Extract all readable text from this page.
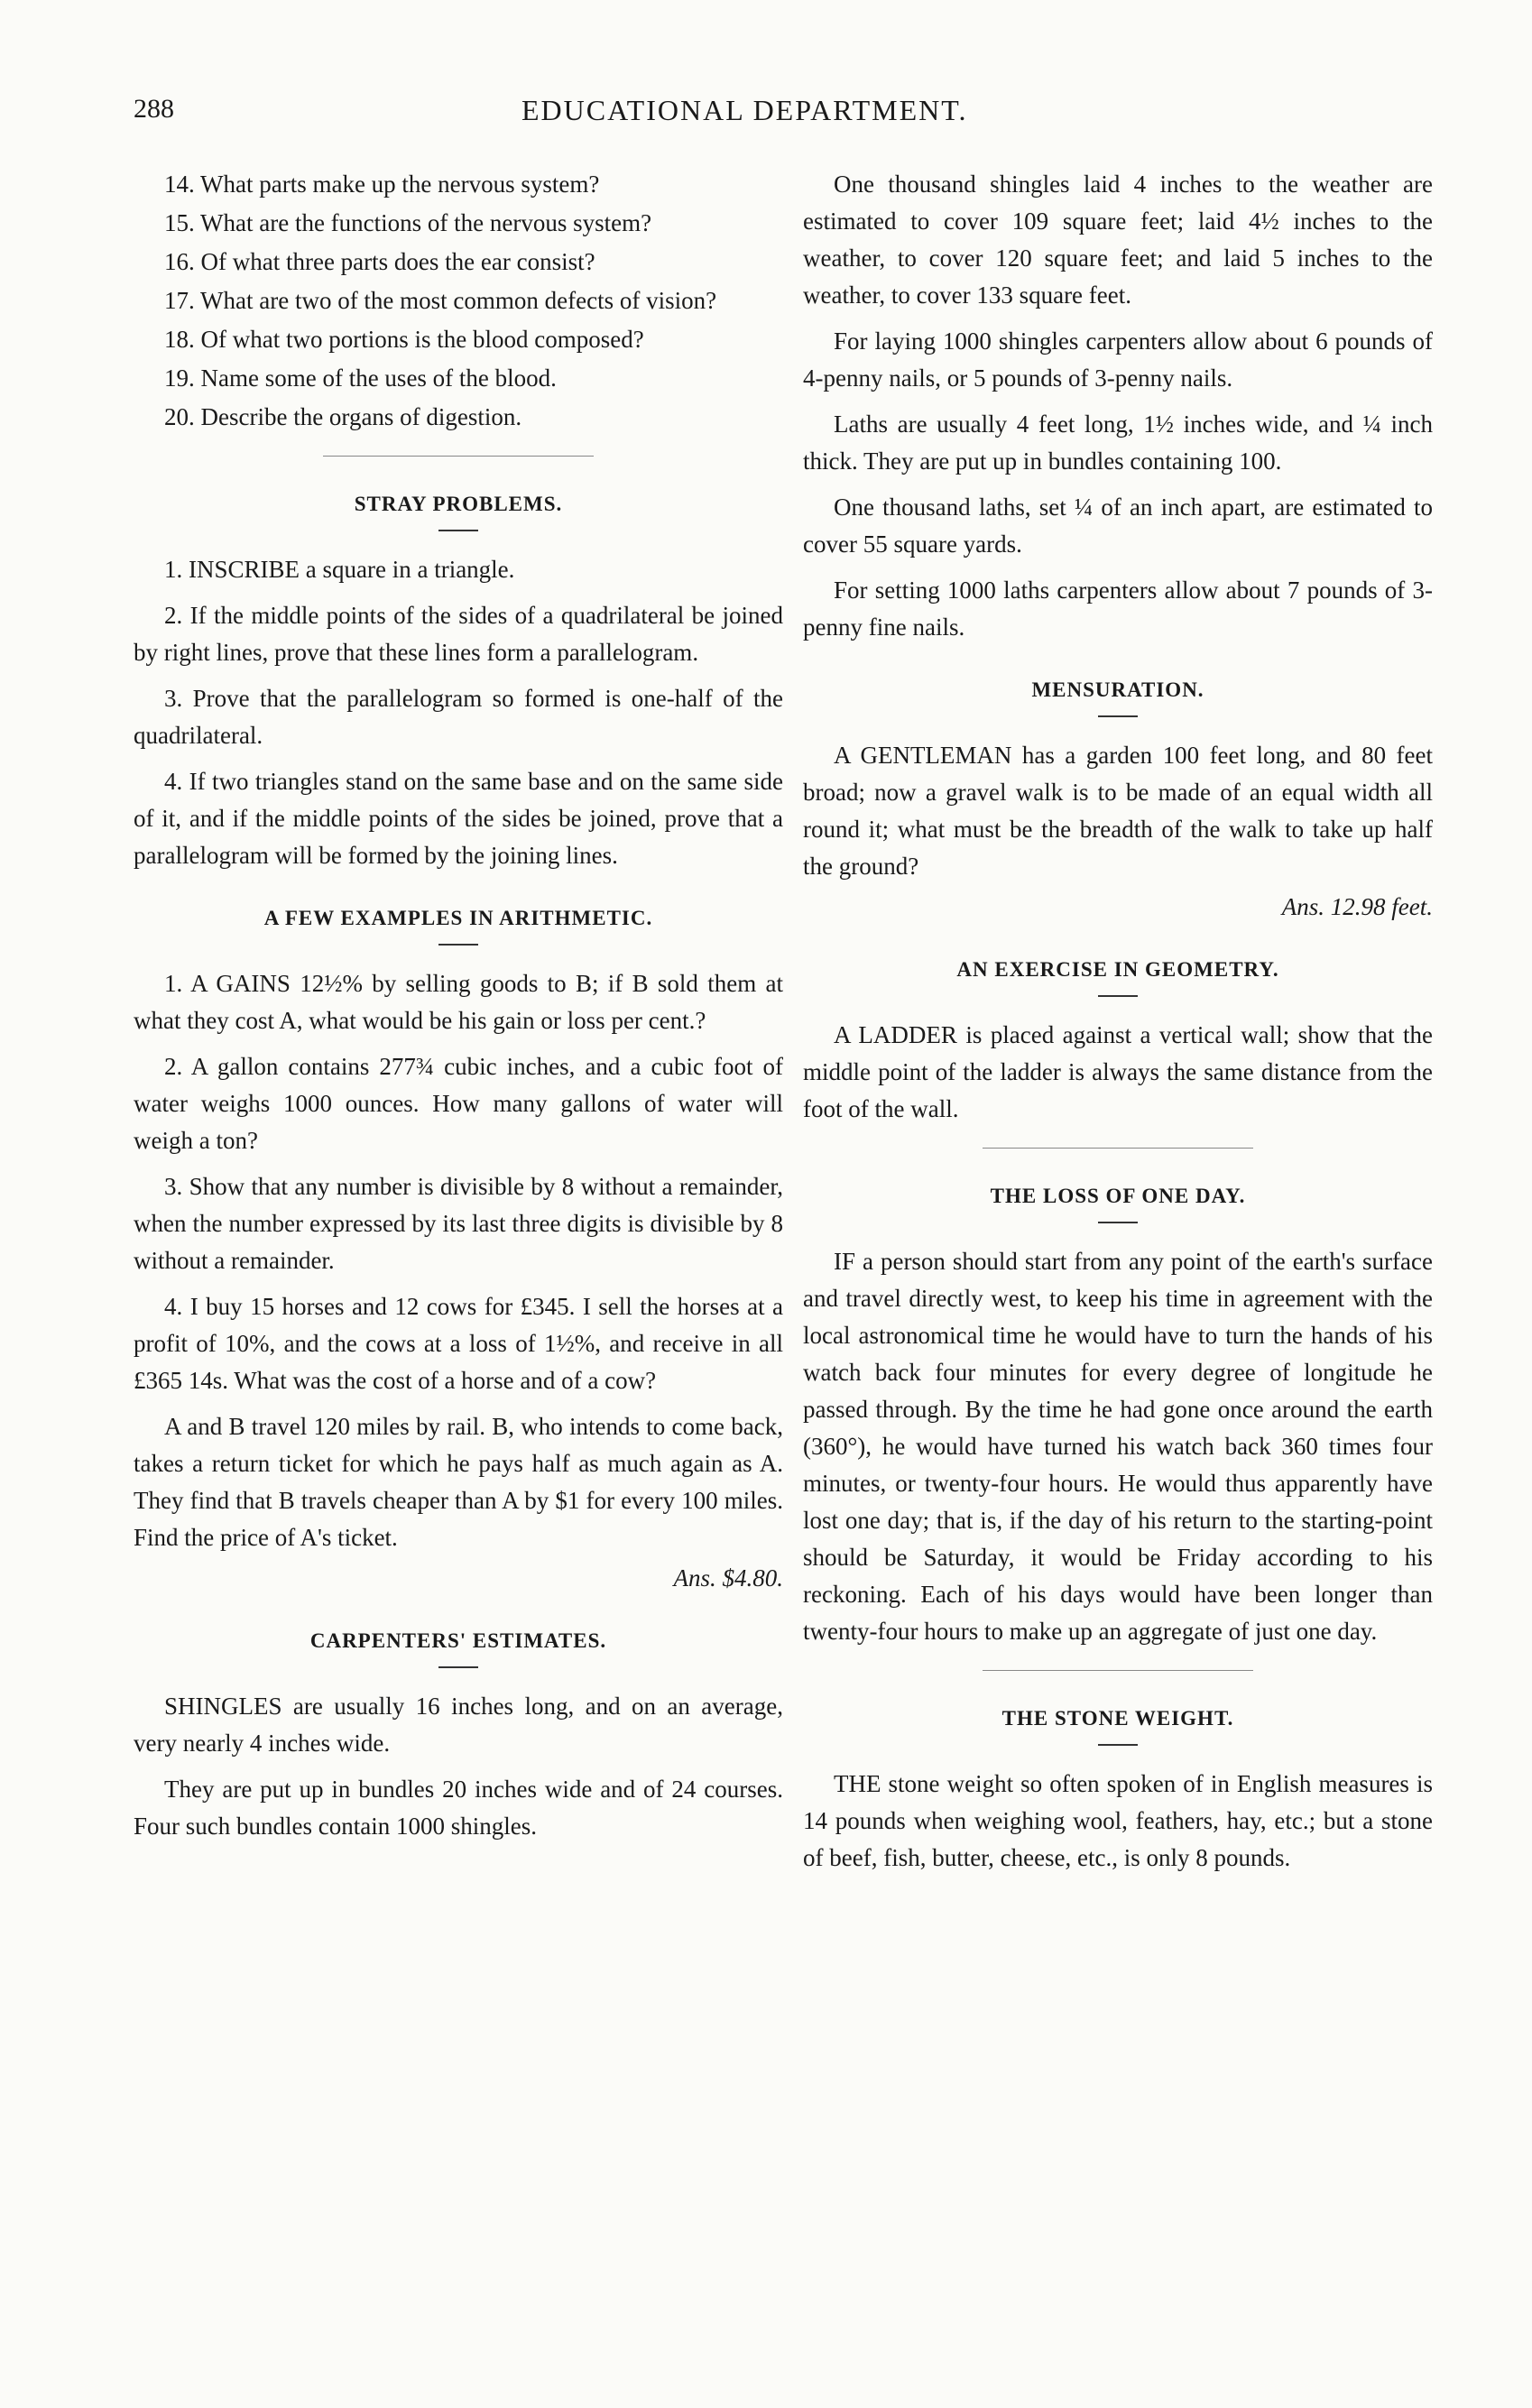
288	EDUCATIONAL DEPARTMENT.

14. What parts make up the nervous system?

15. What are the functions of the nervous system?

16. Of what three parts does the ear consist?

17. What are two of the most common defects of vision?

18. Of what two portions is the blood composed?

19. Name some of the uses of the blood.

20. Describe the organs of digestion.

STRAY PROBLEMS.

1. INSCRIBE a square in a triangle.

2. If the middle points of the sides of a quadrilateral be joined by right lines, prove that these lines form a parallelogram.

3. Prove that the parallelogram so formed is one-half of the quadrilateral.

4. If two triangles stand on the same base and on the same side of it, and if the middle points of the sides be joined, prove that a parallelogram will be formed by the joining lines.

A FEW EXAMPLES IN ARITHMETIC.

1. A GAINS 12½% by selling goods to B; if B sold them at what they cost A, what would be his gain or loss per cent.?

2. A gallon contains 277¾ cubic inches, and a cubic foot of water weighs 1000 ounces. How many gallons of water will weigh a ton?

3. Show that any number is divisible by 8 without a remainder, when the number expressed by its last three digits is divisible by 8 without a remainder.

4. I buy 15 horses and 12 cows for £345. I sell the horses at a profit of 10%, and the cows at a loss of 1½%, and receive in all £365 14s. What was the cost of a horse and of a cow?

A and B travel 120 miles by rail. B, who intends to come back, takes a return ticket for which he pays half as much again as A. They find that B travels cheaper than A by $1 for every 100 miles. Find the price of A's ticket.

Ans. $4.80.

CARPENTERS' ESTIMATES.

SHINGLES are usually 16 inches long, and on an average, very nearly 4 inches wide.

They are put up in bundles 20 inches wide and of 24 courses. Four such bundles contain 1000 shingles.

One thousand shingles laid 4 inches to the weather are estimated to cover 109 square feet; laid 4½ inches to the weather, to cover 120 square feet; and laid 5 inches to the weather, to cover 133 square feet.

For laying 1000 shingles carpenters allow about 6 pounds of 4-penny nails, or 5 pounds of 3-penny nails.

Laths are usually 4 feet long, 1½ inches wide, and ¼ inch thick. They are put up in bundles containing 100.

One thousand laths, set ¼ of an inch apart, are estimated to cover 55 square yards.

For setting 1000 laths carpenters allow about 7 pounds of 3-penny fine nails.

MENSURATION.

A GENTLEMAN has a garden 100 feet long, and 80 feet broad; now a gravel walk is to be made of an equal width all round it; what must be the breadth of the walk to take up half the ground?

Ans. 12.98 feet.

AN EXERCISE IN GEOMETRY.

A LADDER is placed against a vertical wall; show that the middle point of the ladder is always the same distance from the foot of the wall.

THE LOSS OF ONE DAY.

IF a person should start from any point of the earth's surface and travel directly west, to keep his time in agreement with the local astronomical time he would have to turn the hands of his watch back four minutes for every degree of longitude he passed through. By the time he had gone once around the earth (360°), he would have turned his watch back 360 times four minutes, or twenty-four hours. He would thus apparently have lost one day; that is, if the day of his return to the starting-point should be Saturday, it would be Friday according to his reckoning. Each of his days would have been longer than twenty-four hours to make up an aggregate of just one day.

THE STONE WEIGHT.

THE stone weight so often spoken of in English measures is 14 pounds when weighing wool, feathers, hay, etc.; but a stone of beef, fish, butter, cheese, etc., is only 8 pounds.
